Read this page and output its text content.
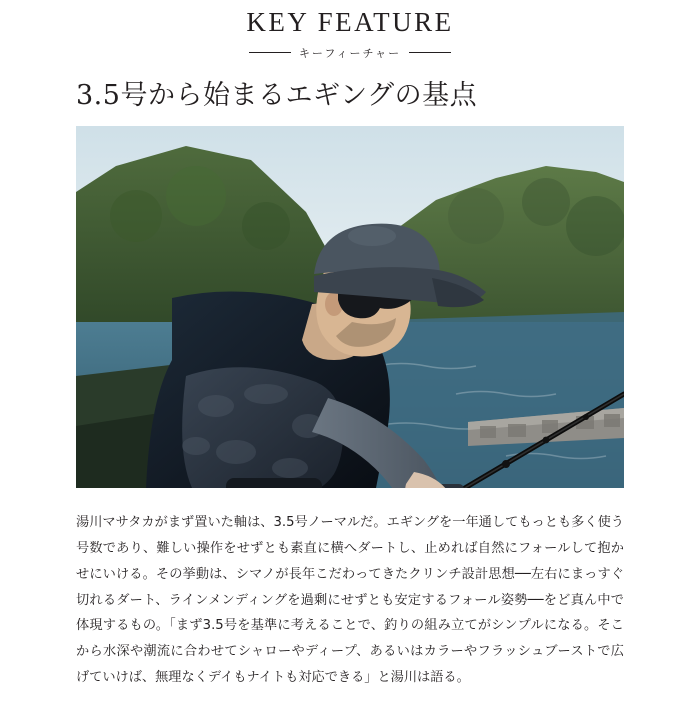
KEY FEATURE
キーフィーチャー
3.5号から始まるエギングの基点

湯川マサタカがまず置いた軸は、3.5号ノーマルだ。エギングを一年通してもっとも多く使う号数であり、難しい操作をせずとも素直に横へダートし、止めれば自然にフォールして抱かせにいける。その挙動は、シマノが長年こだわってきたクリンチ設計思想──左右にまっすぐ切れるダート、ラインメンディングを過剰にせずとも安定するフォール姿勢──をど真ん中で体現するもの。「まず3.5号を基準に考えることで、釣りの組み立てがシンプルになる。そこから水深や潮流に合わせてシャローやディープ、あるいはカラーやフラッシュブーストで広げていけば、無理なくデイもナイトも対応できる」と湯川は語る。
